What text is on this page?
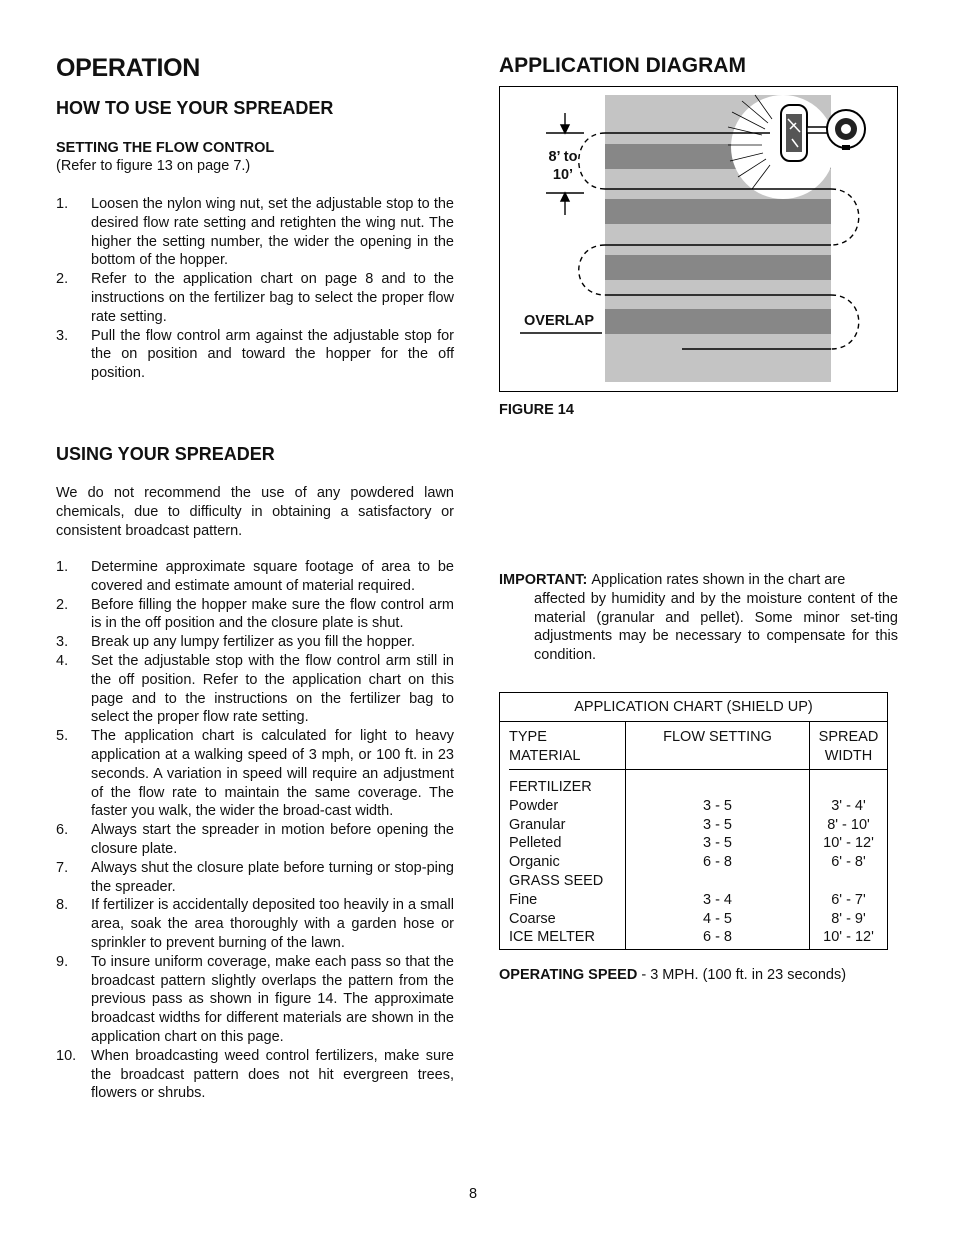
OPERATION
HOW TO USE YOUR SPREADER
SETTING THE FLOW CONTROL
(Refer to figure 13 on page 7.)
1. Loosen the nylon wing nut, set the adjustable stop to the desired flow rate setting and retighten the wing nut. The higher the setting number, the wider the opening in the bottom of the hopper.
2. Refer to the application chart on page 8 and to the instructions on the fertilizer bag to select the proper flow rate setting.
3. Pull the flow control arm against the adjustable stop for the on position and toward the hopper for the off position.
USING YOUR SPREADER
We do not recommend the use of any powdered lawn chemicals, due to difficulty in obtaining a satisfactory or consistent broadcast pattern.
1. Determine approximate square footage of area to be covered and estimate amount of material required.
2. Before filling the hopper make sure the flow control arm is in the off position and the closure plate is shut.
3. Break up any lumpy fertilizer as you fill the hopper.
4. Set the adjustable stop with the flow control arm still in the off position. Refer to the application chart on this page and to the instructions on the fertilizer bag to select the proper flow rate setting.
5. The application chart is calculated for light to heavy application at a walking speed of 3 mph, or 100 ft. in 23 seconds. A variation in speed will require an adjustment of the flow rate to maintain the same coverage. The faster you walk, the wider the broad-cast width.
6. Always start the spreader in motion before opening the closure plate.
7. Always shut the closure plate before turning or stop-ping the spreader.
8. If fertilizer is accidentally deposited too heavily in a small area, soak the area thoroughly with a garden hose or sprinkler to prevent burning of the lawn.
9. To insure uniform coverage, make each pass so that the broadcast pattern slightly overlaps the pattern from the previous pass as shown in figure 14. The approximate broadcast widths for different materials are shown in the application chart on this page.
10. When broadcasting weed control fertilizers, make sure the broadcast pattern does not hit evergreen trees, flowers or shrubs.
APPLICATION DIAGRAM
8’ to
10’
OVERLAP
FIGURE 14
IMPORTANT: Application rates shown in the chart are
affected by humidity and by the moisture content of the material (granular and pellet). Some minor set-ting adjustments may be necessary to compensate for this condition.
APPLICATION CHART (SHIELD UP)
TYPE
MATERIAL
FERTILIZER
Powder
Granular
Pelleted
Organic
GRASS SEED
Fine
Coarse
ICE MELTER
FLOW SETTING
3 - 5
3 - 5
3 - 5
6 - 8
3 - 4
4 - 5
6 - 8
SPREAD
WIDTH
3' - 4'
8' - 10'
10' - 12'
6' - 8'
6' - 7'
8' - 9'
10' - 12'
OPERATING SPEED - 3 MPH. (100 ft. in 23 seconds)
8
